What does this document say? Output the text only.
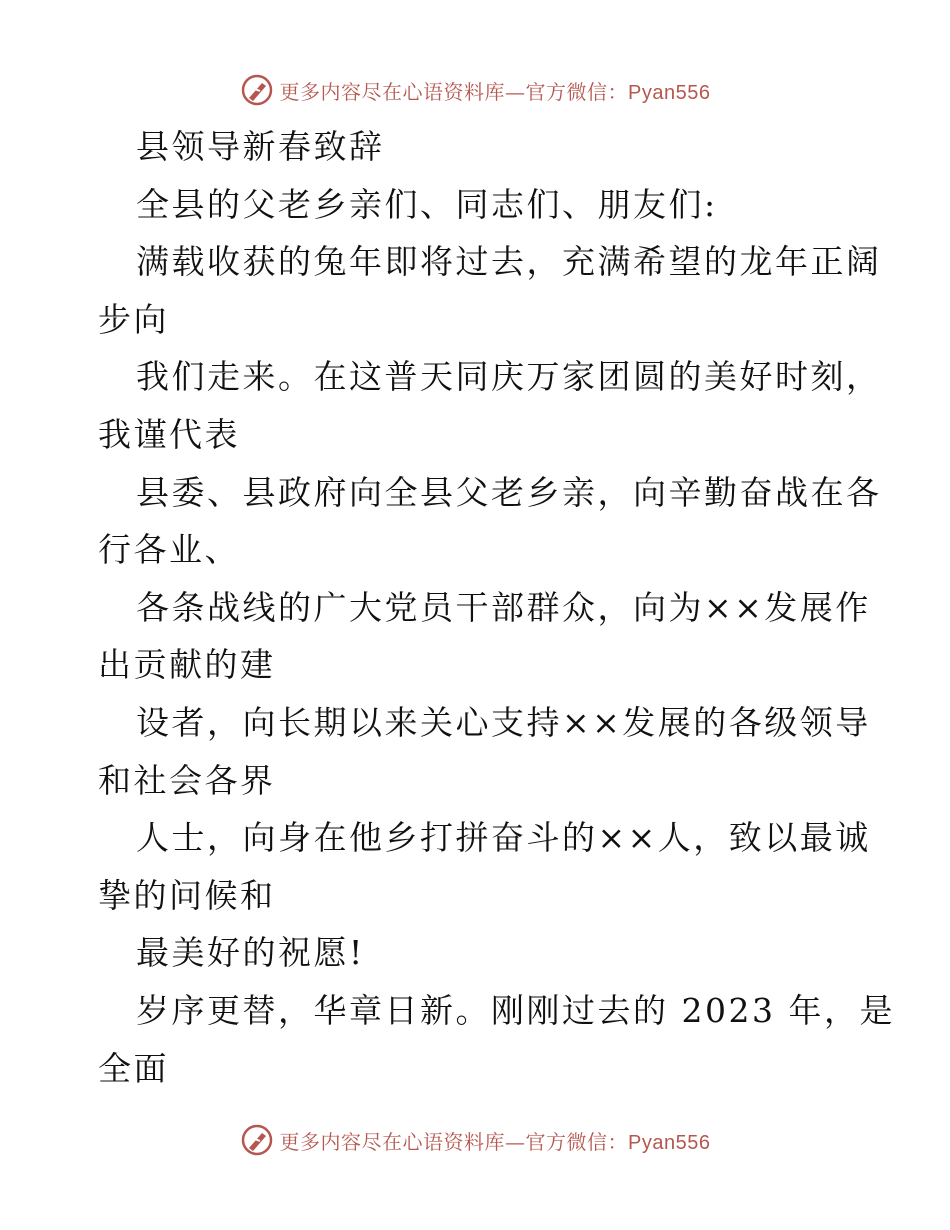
更多内容尽在心语资料库—官方微信：Pyan556
县领导新春致辞
全县的父老乡亲们、同志们、朋友们:
满载收获的兔年即将过去，充满希望的龙年正阔
步向
我们走来。在这普天同庆万家团圆的美好时刻，
我谨代表
县委、县政府向全县父老乡亲，向辛勤奋战在各
行各业、
各条战线的广大党员干部群众，向为××发展作
出贡献的建
设者，向长期以来关心支持××发展的各级领导
和社会各界
人士，向身在他乡打拼奋斗的××人，致以最诚
挚的问候和
最美好的祝愿!
岁序更替，华章日新。刚刚过去的 2023 年，是
全面
更多内容尽在心语资料库—官方微信：Pyan556
